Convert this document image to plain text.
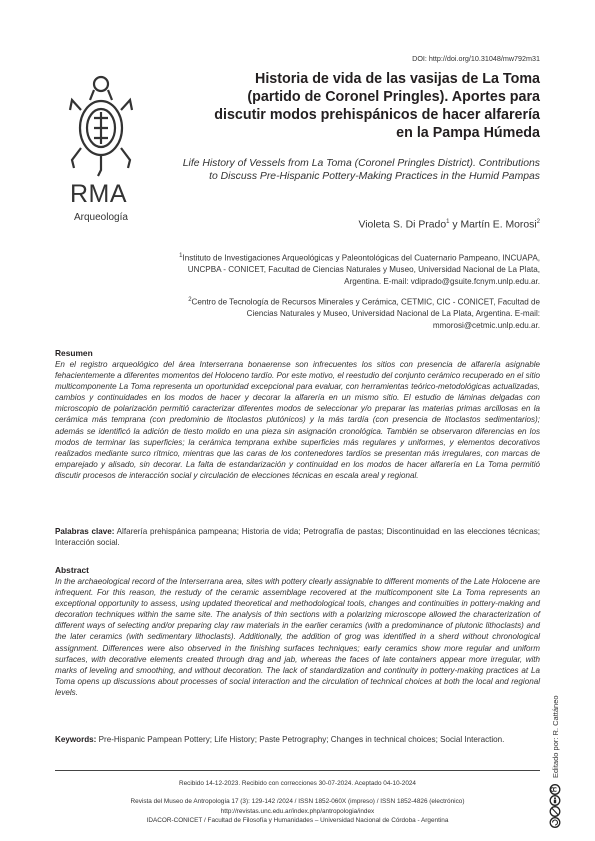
DOI: http://doi.org/10.31048/mw792m31
RMA
Arqueología
Historia de vida de las vasijas de La Toma (partido de Coronel Pringles). Aportes para discutir modos prehispánicos de hacer alfarería en la Pampa Húmeda
Life History of Vessels from La Toma (Coronel Pringles District). Contributions to Discuss Pre-Hispanic Pottery-Making Practices in the Humid Pampas
Violeta S. Di Prado$^1$ y Martín E. Morosi$^2$
$^1$Instituto de Investigaciones Arqueológicas y Paleontológicas del Cuaternario Pampeano, INCUAPA, UNCPBA - CONICET, Facultad de Ciencias Naturales y Museo, Universidad Nacional de La Plata, Argentina. E-mail: vdiprado@gsuite.fcnym.unlp.edu.ar.
$^2$Centro de Tecnología de Recursos Minerales y Cerámica, CETMIC, CIC - CONICET, Facultad de Ciencias Naturales y Museo, Universidad Nacional de La Plata, Argentina. E-mail: mmorosi@cetmic.unlp.edu.ar.
Resumen
En el registro arqueológico del área Interserrana bonaerense son infrecuentes los sitios con presencia de alfarería asignable fehacientemente a diferentes momentos del Holoceno tardío. Por este motivo, el reestudio del conjunto cerámico recuperado en el sitio multicomponente La Toma representa un oportunidad excepcional para evaluar, con herramientas teórico-metodológicas actualizadas, cambios y continuidades en los modos de hacer y decorar la alfarería en un mismo sitio. El estudio de láminas delgadas con microscopio de polarización permitió caracterizar diferentes modos de seleccionar y/o preparar las materias primas arcillosas en la cerámica más temprana (con predominio de litoclastos plutónicos) y la más tardía (con presencia de litoclastos sedimentarios); además se identificó la adición de tiesto molido en una pieza sin asignación cronológica. También se observaron diferencias en los modos de terminar las superficies; la cerámica temprana exhibe superficies más regulares y uniformes, y elementos decorativos realizados mediante surco rítmico, mientras que las caras de los contenedores tardíos se presentan más irregulares, con marcas de emparejado y alisado, sin decorar. La falta de estandarización y continuidad en los modos de hacer alfarería en La Toma permitió discutir procesos de interacción social y circulación de elecciones técnicas en escala areal y regional.
Palabras clave: Alfarería prehispánica pampeana; Historia de vida; Petrografía de pastas; Discontinuidad en las elecciones técnicas; Interacción social.
Abstract
In the archaeological record of the Interserrana area, sites with pottery clearly assignable to different moments of the Late Holocene are infrequent. For this reason, the restudy of the ceramic assemblage recovered at the multicomponent site La Toma represents an exceptional opportunity to assess, using updated theoretical and methodological tools, changes and continuities in pottery-making and decoration techniques within the same site. The analysis of thin sections with a polarizing microscope allowed the characterization of different ways of selecting and/or preparing clay raw materials in the earlier ceramics (with a predominance of plutonic lithoclasts) and the later ceramics (with sedimentary lithoclasts). Additionally, the addition of grog was identified in a sherd without chronological assignment. Differences were also observed in the finishing surfaces techniques; early ceramics show more regular and uniform surfaces, with decorative elements created through drag and jab, whereas the faces of late containers appear more irregular, with marks of leveling and smoothing, and without decoration. The lack of standardization and continuity in pottery-making practices at La Toma opens up discussions about processes of social interaction and the circulation of technical choices at both the local and regional levels.
Keywords: Pre-Hispanic Pampean Pottery; Life History; Paste Petrography; Changes in technical choices; Social Interaction.
Recibido 14-12-2023. Recibido con correcciones 30-07-2024. Aceptado 04-10-2024
Revista del Museo de Antropología 17 (3): 129-142 /2024 / ISSN 1852-060X (impreso) / ISSN 1852-4826 (electrónico)
http://revistas.unc.edu.ar/index.php/antropologia/index
IDACOR-CONICET / Facultad de Filosofía y Humanidades – Universidad Nacional de Córdoba - Argentina
Editado por: R. Cattáneo
